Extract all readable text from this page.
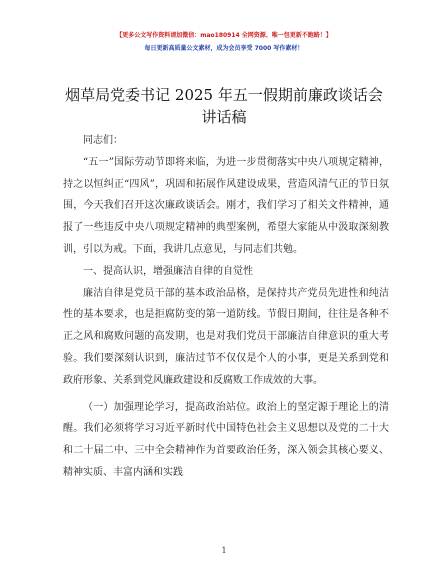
【更多公文写作资料请加微信：mao180914 全网资源、唯一包更新不跑路！】
每日更新高质量公文素材，成为会员享受 7000 写作素材！
烟草局党委书记 2025 年五一假期前廉政谈话会
讲话稿

同志们：

“五一”国际劳动节即将来临，为进一步贯彻落实中央八项规定精神，持之以恒纠正“四风”，巩固和拓展作风建设成果，营造风清气正的节日氛围，今天我们召开这次廉政谈话会。刚才，我们学习了相关文件精神，通报了一些违反中央八项规定精神的典型案例，希望大家能从中汲取深刻教训，引以为戒。下面，我讲几点意见，与同志们共勉。

一、提高认识，增强廉洁自律的自觉性

廉洁自律是党员干部的基本政治品格，是保持共产党员先进性和纯洁性的基本要求，也是拒腐防变的第一道防线。节假日期间，往往是各种不正之风和腐败问题的高发期，也是对我们党员干部廉洁自律意识的重大考验。我们要深刻认识到，廉洁过节不仅仅是个人的小事，更是关系到党和政府形象、关系到党风廉政建设和反腐败工作成效的大事。

（一）加强理论学习，提高政治站位。政治上的坚定源于理论上的清醒。我们必须将学习习近平新时代中国特色社会主义思想以及党的二十大和二十届二中、三中全会精神作为首要政治任务，深入领会其核心要义、精神实质、丰富内涵和实践

1
